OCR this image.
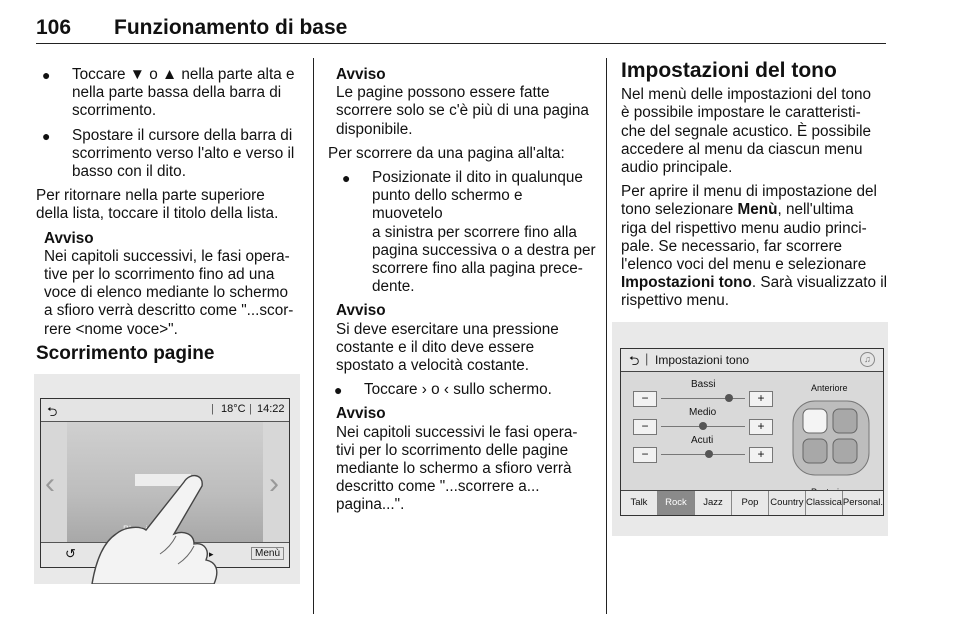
106 Funzionamento di base
●	Toccare ▼ o ▲ nella parte alta e
nella parte bassa della barra di
scorrimento.
●	Spostare il cursore della barra di
scorrimento verso l'alto e verso il
basso con il dito.

Per ritornare nella parte superiore
della lista, toccare il titolo della lista.

Avviso
Nei capitoli successivi, le fasi opera-
tive per lo scorrimento fino ad una
voce di elenco mediante lo schermo
a sfioro verrà descritto come "...scor-
rere <nome voce>".
Scorrimento pagine
⮌	| 18°C | 14:22
‹	›
↺	▸	Menù
Avviso
Le pagine possono essere fatte
scorrere solo se c'è più di una pagina
disponibile.

Per scorrere da una pagina all'alta:

●	Posizionate il dito in qualunque
punto dello schermo e muovetelo
a sinistra per scorrere fino alla
pagina successiva o a destra per
scorrere fino alla pagina prece-
dente.
Avviso
Si deve esercitare una pressione
costante e il dito deve essere
spostato a velocità costante.
●	Toccare › o ‹ sullo schermo.
Avviso
Nei capitoli successivi le fasi opera-
tivi per lo scorrimento delle pagine
mediante lo schermo a sfioro verrà
descritto come "...scorrere a...
pagina...".
Impostazioni del tono

Nel menù delle impostazioni del tono
è possibile impostare le caratteristi-
che del segnale acustico. È possibile
accedere al menu da ciascun menu
audio principale.

Per aprire il menu di impostazione del
tono selezionare Menù, nell'ultima
riga del rispettivo menu audio princi-
pale. Se necessario, far scorrere
l'elenco voci del menu e selezionare
Impostazioni tono. Sarà visualizzato il
rispettivo menu.

⮌ | Impostazioni tono	♫
Bassi
−	+
Medio
−	+
Acuti
−	+
Anteriore
Talk	Rock	Jazz	Pop	Country Classica Personal.
